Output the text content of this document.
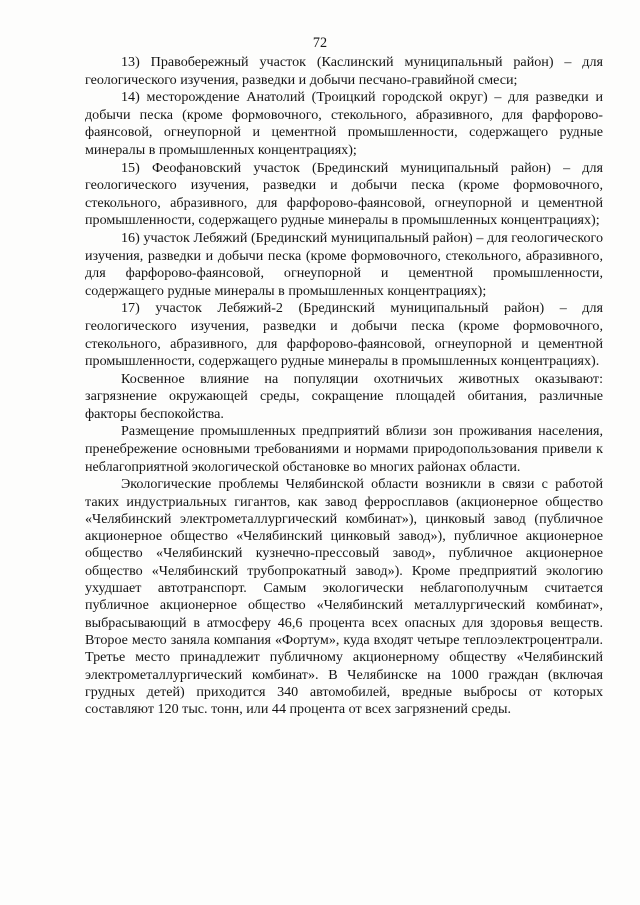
72

13) Правобережный участок (Каслинский муниципальный район) – для геологического изучения, разведки и добычи песчано-гравийной смеси;

14) месторождение Анатолий (Троицкий городской округ) – для разведки и добычи песка (кроме формовочного, стекольного, абразивного, для фарфорово-фаянсовой, огнеупорной и цементной промышленности, содержащего рудные минералы в промышленных концентрациях);

15) Феофановский участок (Брединский муниципальный район) – для геологического изучения, разведки и добычи песка (кроме формовочного, стекольного, абразивного, для фарфорово-фаянсовой, огнеупорной и цементной промышленности, содержащего рудные минералы в промышленных концентрациях);

16) участок Лебяжий (Брединский муниципальный район) – для геологического изучения, разведки и добычи песка (кроме формовочного, стекольного, абразивного, для фарфорово-фаянсовой, огнеупорной и цементной промышленности, содержащего рудные минералы в промышленных концентрациях);

17) участок Лебяжий-2 (Брединский муниципальный район) – для геологического изучения, разведки и добычи песка (кроме формовочного, стекольного, абразивного, для фарфорово-фаянсовой, огнеупорной и цементной промышленности, содержащего рудные минералы в промышленных концентрациях).

Косвенное влияние на популяции охотничьих животных оказывают: загрязнение окружающей среды, сокращение площадей обитания, различные факторы беспокойства.

Размещение промышленных предприятий вблизи зон проживания населения, пренебрежение основными требованиями и нормами природопользования привели к неблагоприятной экологической обстановке во многих районах области.

Экологические проблемы Челябинской области возникли в связи с работой таких индустриальных гигантов, как завод ферросплавов (акционерное общество «Челябинский электрометаллургический комбинат»), цинковый завод (публичное акционерное общество «Челябинский цинковый завод»), публичное акционерное общество «Челябинский кузнечно-прессовый завод», публичное акционерное общество «Челябинский трубопрокатный завод»). Кроме предприятий экологию ухудшает автотранспорт. Самым экологически неблагополучным считается публичное акционерное общество «Челябинский металлургический комбинат», выбрасывающий в атмосферу 46,6 процента всех опасных для здоровья веществ. Второе место заняла компания «Фортум», куда входят четыре теплоэлектроцентрали. Третье место принадлежит публичному акционерному обществу «Челябинский электрометаллургический комбинат». В Челябинске на 1000 граждан (включая грудных детей) приходится 340 автомобилей, вредные выбросы от которых составляют 120 тыс. тонн, или 44 процента от всех загрязнений среды.
